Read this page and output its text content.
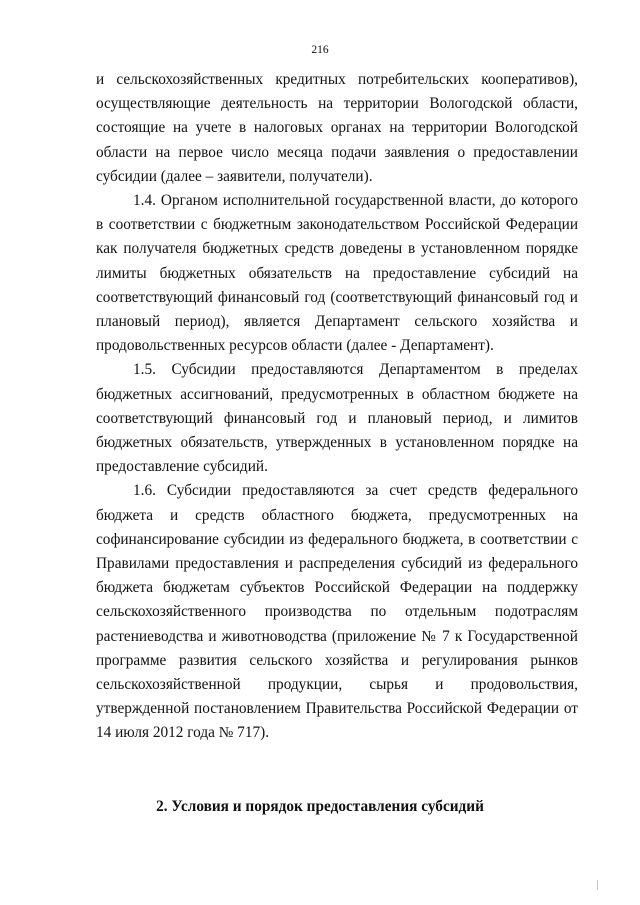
216

и сельскохозяйственных кредитных потребительских кооперативов), осуществляющие деятельность на территории Вологодской области, состоящие на учете в налоговых органах на территории Вологодской области на первое число месяца подачи заявления о предоставлении субсидии (далее – заявители, получатели).

1.4. Органом исполнительной государственной власти, до которого в соответствии с бюджетным законодательством Российской Федерации как получателя бюджетных средств доведены в установленном порядке лимиты бюджетных обязательств на предоставление субсидий на соответствующий финансовый год (соответствующий финансовый год и плановый период), является Департамент сельского хозяйства и продовольственных ресурсов области (далее - Департамент).

1.5. Субсидии предоставляются Департаментом в пределах бюджетных ассигнований, предусмотренных в областном бюджете на соответствующий финансовый год и плановый период, и лимитов бюджетных обязательств, утвержденных в установленном порядке на предоставление субсидий.

1.6. Субсидии предоставляются за счет средств федерального бюджета и средств областного бюджета, предусмотренных на софинансирование субсидии из федерального бюджета, в соответствии с Правилами предоставления и распределения субсидий из федерального бюджета бюджетам субъектов Российской Федерации на поддержку сельскохозяйственного производства по отдельным подотраслям растениеводства и животноводства (приложение № 7 к Государственной программе развития сельского хозяйства и регулирования рынков сельскохозяйственной продукции, сырья и продовольствия, утвержденной постановлением Правительства Российской Федерации от 14 июля 2012 года № 717).

2. Условия и порядок предоставления субсидий
